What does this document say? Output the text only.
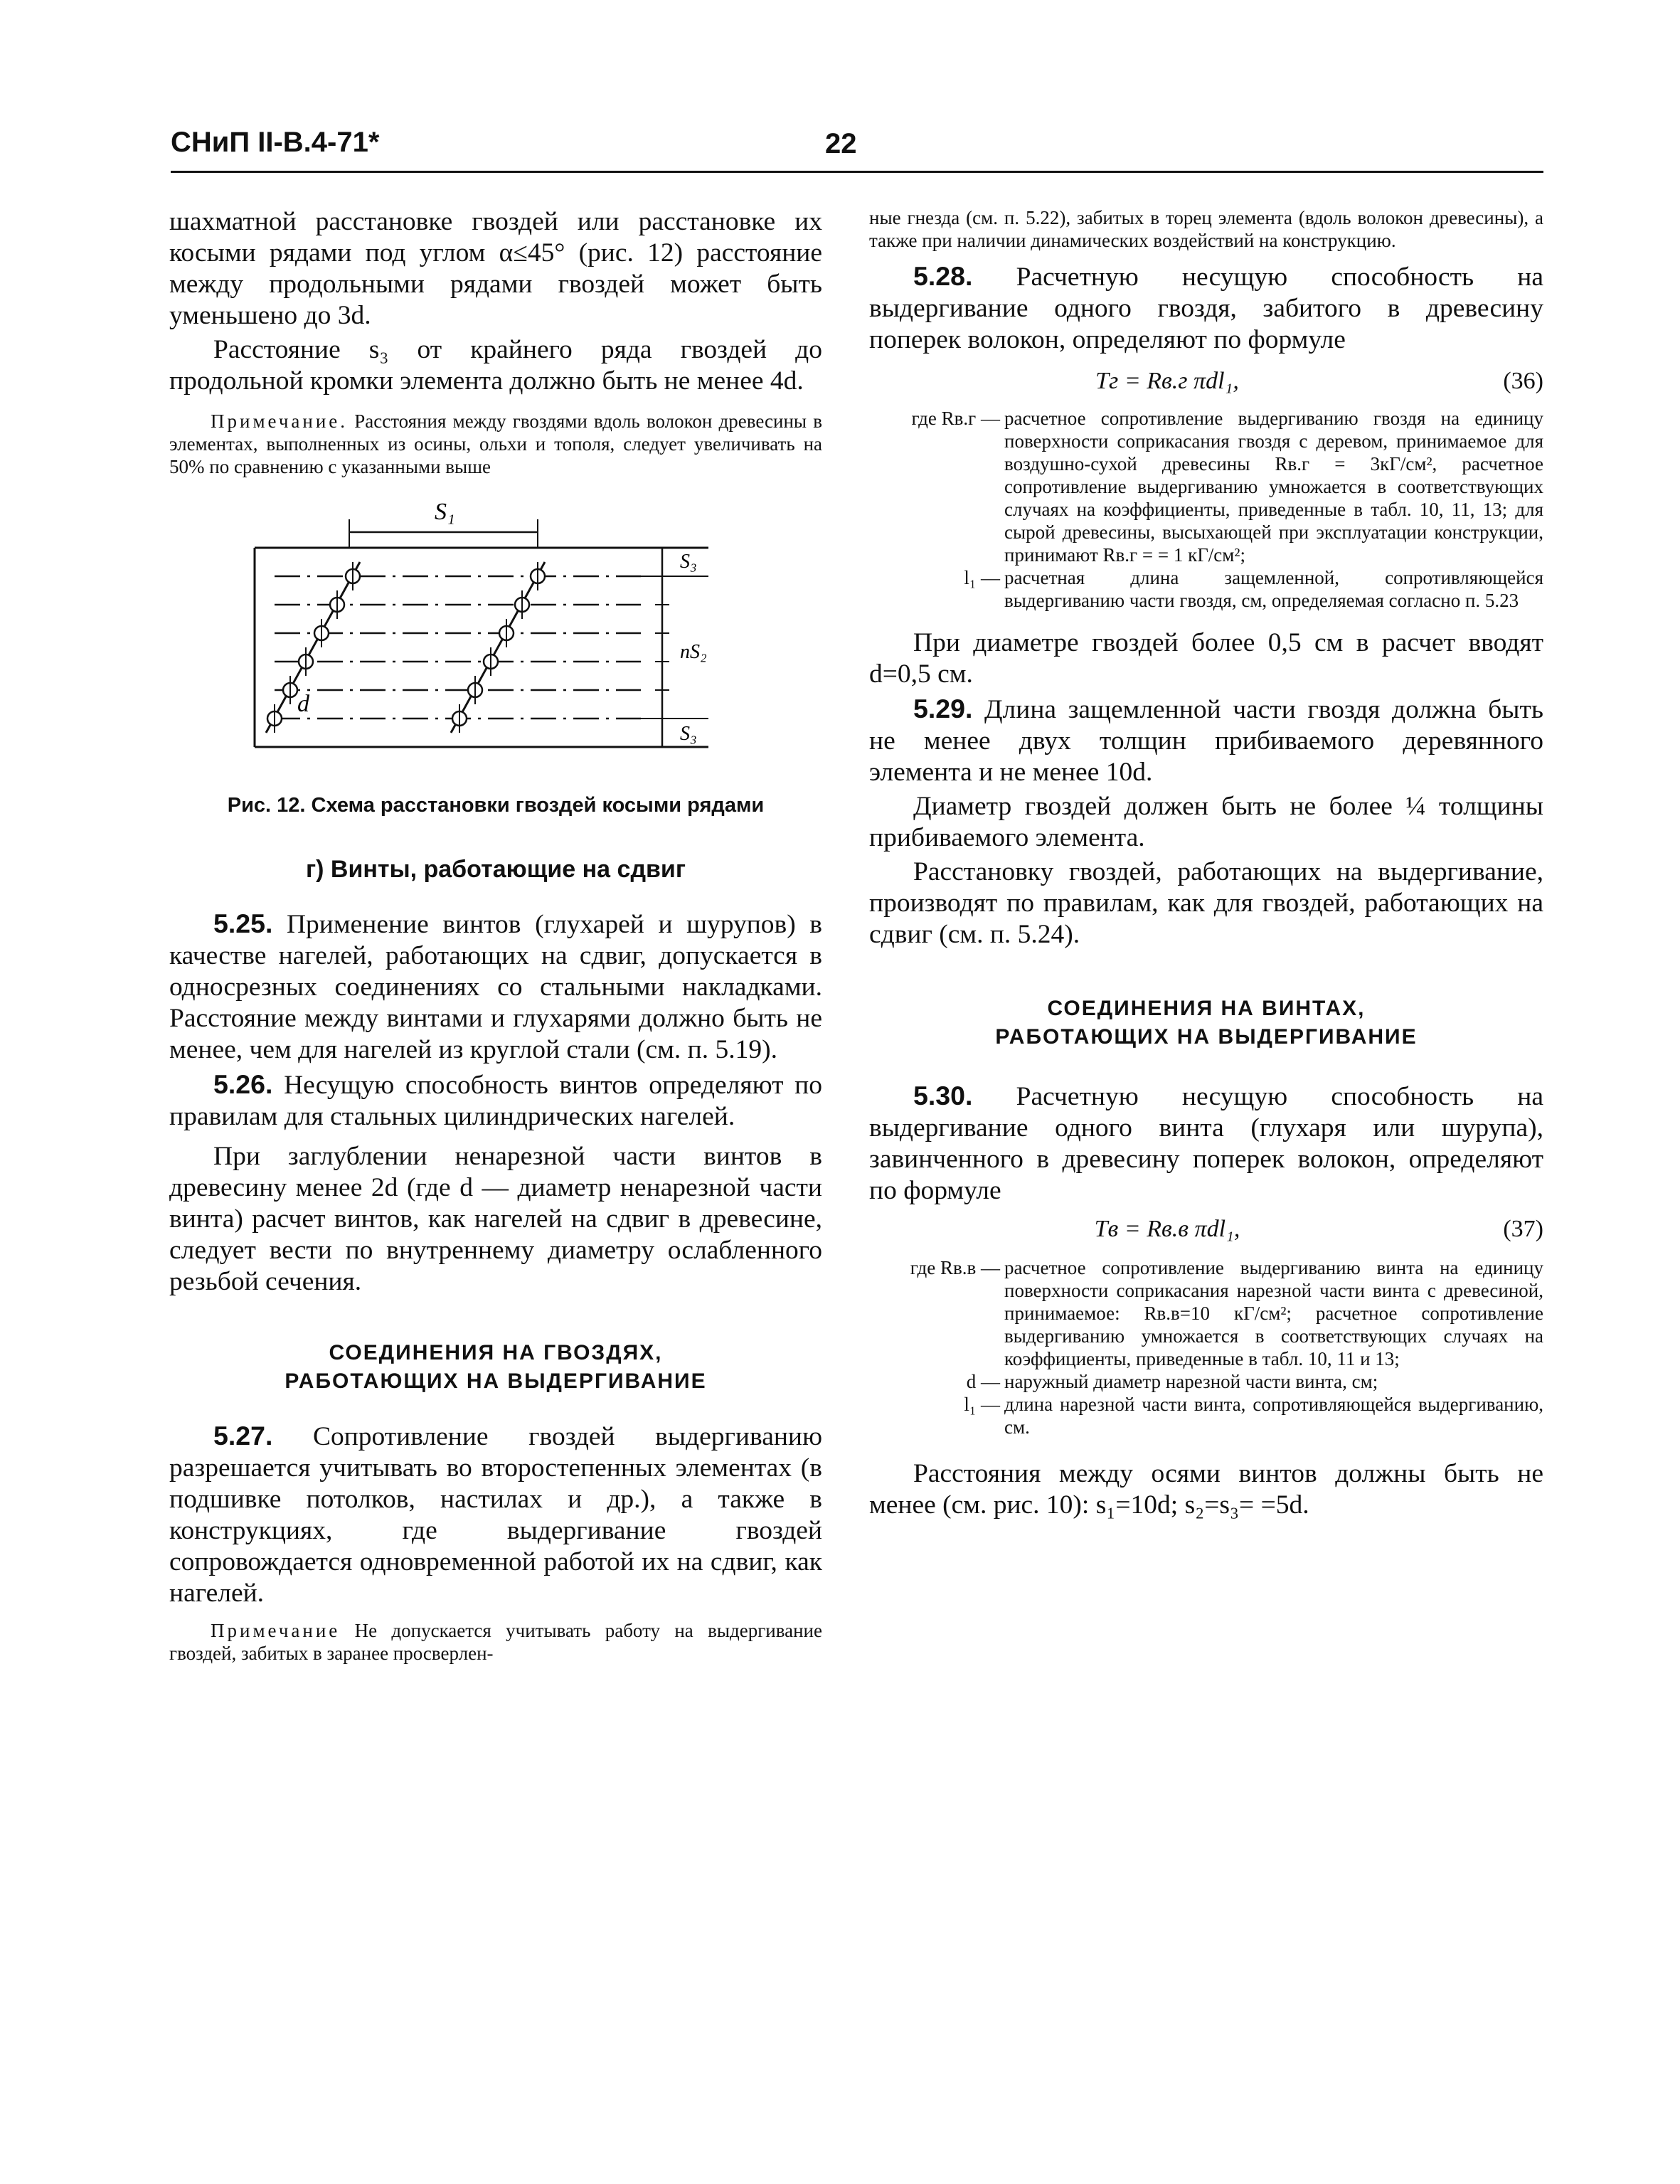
СНиП II-В.4-71*	22

шахматной расстановке гвоздей или расстановке их косыми рядами под углом α≤45° (рис. 12) расстояние между продольными рядами гвоздей может быть уменьшено до 3d.

Расстояние s₃ от крайнего ряда гвоздей до продольной кромки элемента должно быть не менее 4d.

Примечание. Расстояния между гвоздями вдоль волокон древесины в элементах, выполненных из осины, ольхи и тополя, следует увеличивать на 50% по сравнению с указанными выше

S₁
S₃
nS₂
S₃
d

Рис. 12. Схема расстановки гвоздей косыми рядами

г) Винты, работающие на сдвиг

5.25. Применение винтов (глухарей и шурупов) в качестве нагелей, работающих на сдвиг, допускается в односрезных соединениях со стальными накладками. Расстояние между винтами и глухарями должно быть не менее, чем для нагелей из круглой стали (см. п. 5.19).

5.26. Несущую способность винтов определяют по правилам для стальных цилиндрических нагелей.

При заглублении ненарезной части винтов в древесину менее 2d (где d — диаметр ненарезной части винта) расчет винтов, как нагелей на сдвиг в древесине, следует вести по внутреннему диаметру ослабленного резьбой сечения.

СОЕДИНЕНИЯ НА ГВОЗДЯХ,

РАБОТАЮЩИХ НА ВЫДЕРГИВАНИЕ

5.27. Сопротивление гвоздей выдергиванию разрешается учитывать во второстепенных элементах (в подшивке потолков, настилах и др.), а также в конструкциях, где выдергивание гвоздей сопровождается одновременной работой их на сдвиг, как нагелей.

Примечание Не допускается учитывать работу на выдергивание гвоздей, забитых в заранее просверлен-

ные гнезда (см. п. 5.22), забитых в торец элемента (вдоль волокон древесины), а также при наличии динамических воздействий на конструкцию.

5.28. Расчетную несущую способность на выдергивание одного гвоздя, забитого в древесину поперек волокон, определяют по формуле

Tг = Rв.г πdl₁,	(36)
где Rв.г — расчетное сопротивление выдергиванию гвоздя на единицу поверхности соприкасания гвоздя с деревом, принимаемое для воздушно-сухой древесины Rв.г = 3кГ/см², расчетное сопротивление выдергиванию умножается в соответствующих случаях на коэффициенты, приведенные в табл. 10, 11, 13; для сырой древесины, высыхающей при эксплуатации конструкции, принимают Rв.г = = 1 кГ/см²;
l₁ — расчетная длина защемленной, сопротивляющейся выдергиванию части гвоздя, см, определяемая согласно п. 5.23

При диаметре гвоздей более 0,5 см в расчет вводят d=0,5 см.

5.29. Длина защемленной части гвоздя должна быть не менее двух толщин прибиваемого деревянного элемента и не менее 10d.

Диаметр гвоздей должен быть не более ¼ толщины прибиваемого элемента.

Расстановку гвоздей, работающих на выдергивание, производят по правилам, как для гвоздей, работающих на сдвиг (см. п. 5.24).

СОЕДИНЕНИЯ НА ВИНТАХ,

РАБОТАЮЩИХ НА ВЫДЕРГИВАНИЕ

5.30. Расчетную несущую способность на выдергивание одного винта (глухаря или шурупа), завинченного в древесину поперек волокон, определяют по формуле

Tв = Rв.в πdl₁,	(37)
где Rв.в — расчетное сопротивление выдергиванию винта на единицу поверхности соприкасания нарезной части винта с древесиной, принимаемое: Rв.в=10 кГ/см²; расчетное сопротивление выдергиванию умножается в соответствующих случаях на коэффициенты, приведенные в табл. 10, 11 и 13;
d — наружный диаметр нарезной части винта, см;
l₁ — длина нарезной части винта, сопротивляющейся выдергиванию, см.

Расстояния между осями винтов должны быть не менее (см. рис. 10): s₁=10d; s₂=s₃= =5d.
